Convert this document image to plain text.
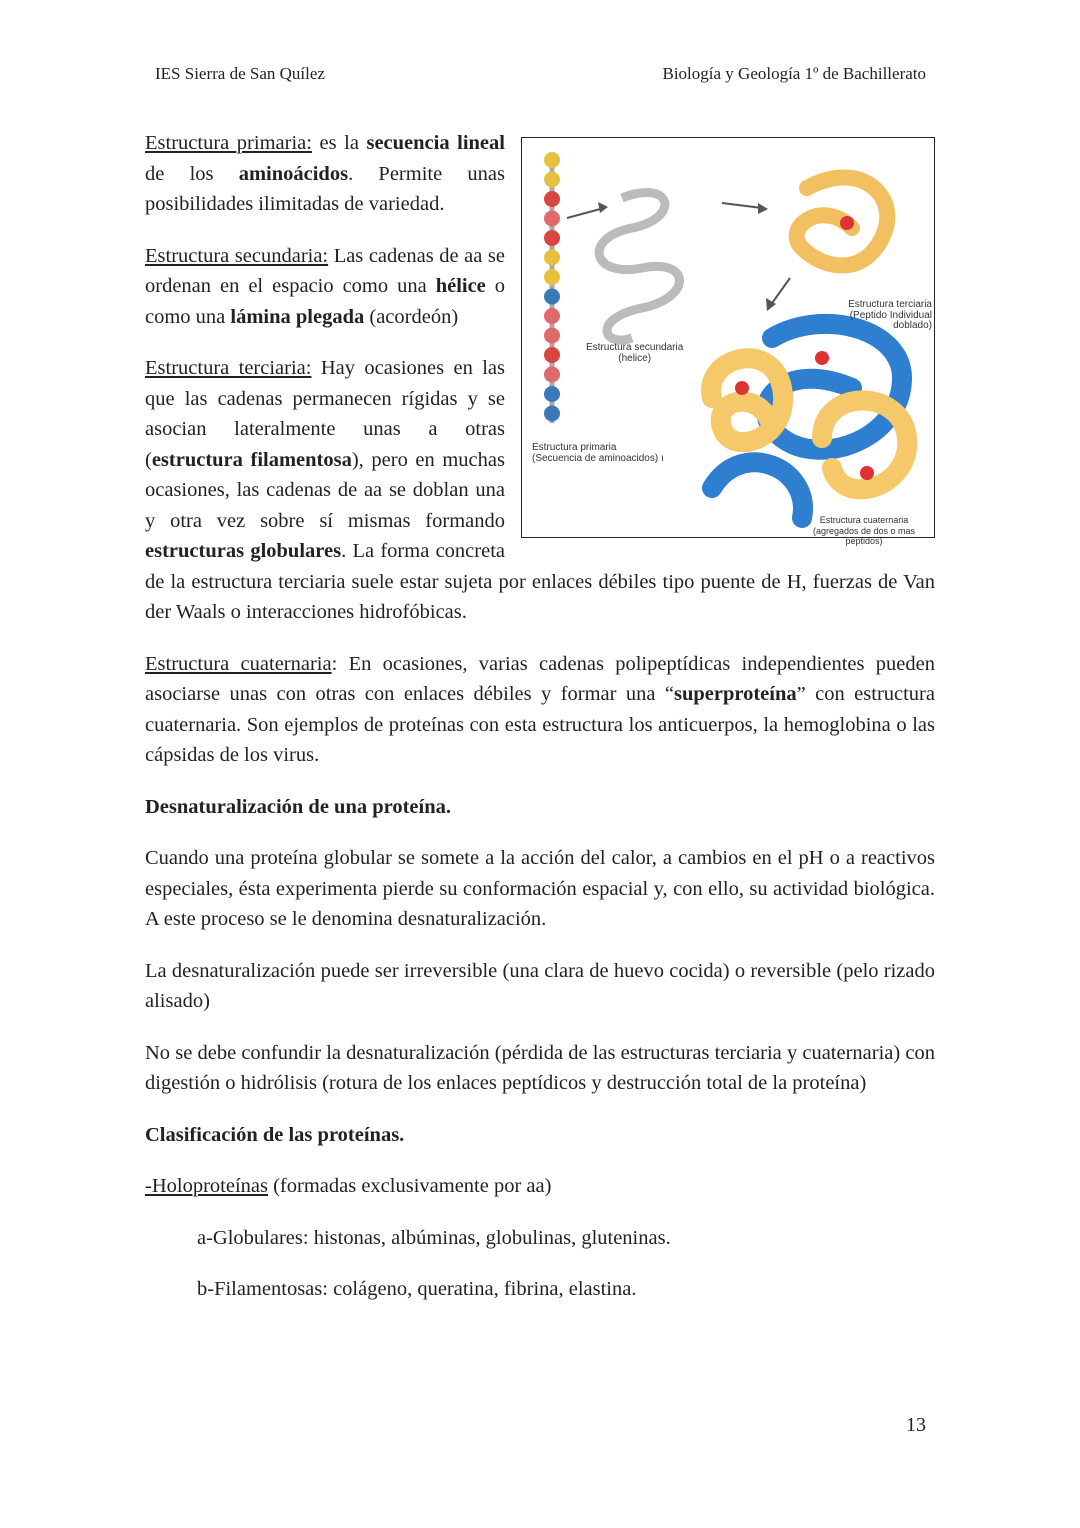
IES Sierra de San Quílez	Biología y Geología 1º de Bachillerato
Estructura secundaria
(helice)
Estructura terciaria
(Peptido Individual doblado)
Estructura primaria
(Secuencia de aminoacidos) ı
Estructura cuaternaria
(agregados de dos o mas peptidos)

Estructura primaria: es la secuencia lineal de los aminoácidos. Permite unas posibilidades ilimitadas de variedad.

Estructura secundaria: Las cadenas de aa se ordenan en el espacio como una hélice o como una lámina plegada (acordeón)

Estructura terciaria: Hay ocasiones en las que las cadenas permanecen rígidas y se asocian lateralmente unas a otras (estructura filamentosa), pero en muchas ocasiones, las cadenas de aa se doblan una y otra vez sobre sí mismas formando estructuras globulares. La forma concreta de la estructura terciaria suele estar sujeta por enlaces débiles tipo puente de H, fuerzas de Van der Waals o interacciones hidrofóbicas.

Estructura cuaternaria: En ocasiones, varias cadenas polipeptídicas independientes pueden asociarse unas con otras con enlaces débiles y formar una “superproteína” con estructura cuaternaria. Son ejemplos de proteínas con esta estructura los anticuerpos, la hemoglobina o las cápsidas de los virus.

Desnaturalización de una proteína.

Cuando una proteína globular se somete a la acción del calor, a cambios en el pH o a reactivos especiales, ésta experimenta pierde su conformación espacial y, con ello, su actividad biológica. A este proceso se le denomina desnaturalización.

La desnaturalización puede ser irreversible (una clara de huevo cocida) o reversible (pelo rizado alisado)

No se debe confundir la desnaturalización (pérdida de las estructuras terciaria y cuaternaria) con digestión o hidrólisis (rotura de los enlaces peptídicos y destrucción total de la proteína)

Clasificación de las proteínas.

-Holoproteínas (formadas exclusivamente por aa)

a-Globulares: histonas, albúminas, globulinas, gluteninas.

b-Filamentosas: colágeno, queratina, fibrina, elastina.

13
